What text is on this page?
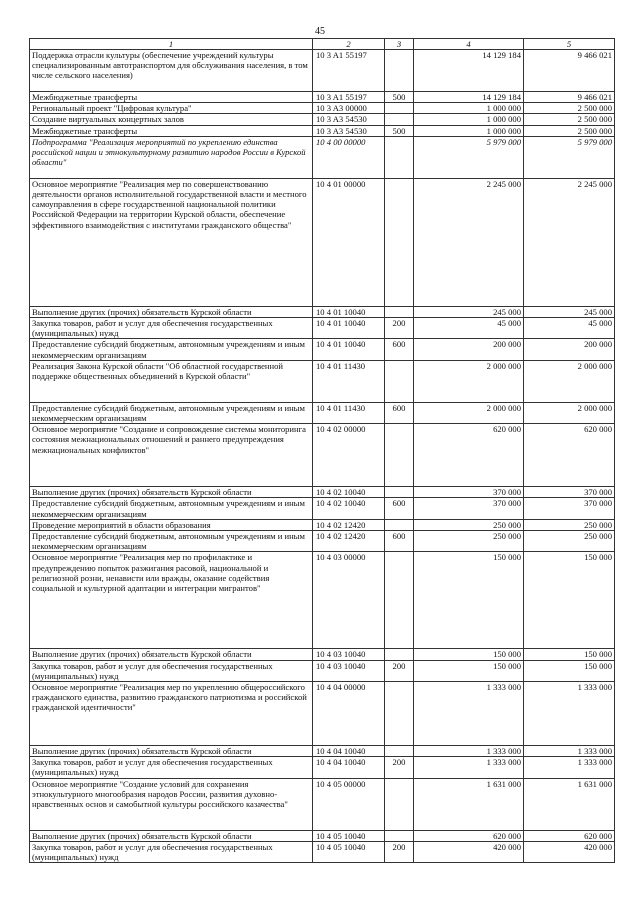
45
1	2	3	4	5
Поддержка отрасли культуры (обеспечение учреждений культуры специализированным автотранспортом для обслуживания населения, в том числе сельского населения)	10 3 A1 55197		14 129 184	9 466 021
Межбюджетные трансферты	10 3 A1 55197	500	14 129 184	9 466 021
Региональный проект "Цифровая культура"	10 3 A3 00000		1 000 000	2 500 000
Создание виртуальных концертных залов	10 3 A3 54530		1 000 000	2 500 000
Межбюджетные трансферты	10 3 A3 54530	500	1 000 000	2 500 000
Подпрограмма "Реализация мероприятий по укреплению единства российской нации и этнокультурному развитию народов России в Курской области"	10 4 00 00000		5 979 000	5 979 000
Основное мероприятие "Реализация мер по совершенствованию деятельности органов исполнительной государственной власти и местного самоуправления в сфере государственной национальной политики Российской Федерации на территории Курской области, обеспечение эффективного взаимодействия с институтами гражданского общества"	10 4 01 00000		2 245 000	2 245 000
Выполнение других (прочих) обязательств Курской области	10 4 01 10040		245 000	245 000
Закупка товаров, работ и услуг для обеспечения государственных (муниципальных) нужд	10 4 01 10040	200	45 000	45 000
Предоставление субсидий бюджетным, автономным учреждениям и иным некоммерческим организациям	10 4 01 10040	600	200 000	200 000
Реализация Закона Курской области "Об областной государственной поддержке общественных объединений в Курской области"	10 4 01 11430		2 000 000	2 000 000
Предоставление субсидий бюджетным, автономным учреждениям и иным некоммерческим организациям	10 4 01 11430	600	2 000 000	2 000 000
Основное мероприятие "Создание и сопровождение системы мониторинга состояния межнациональных отношений и раннего предупреждения межнациональных конфликтов"	10 4 02 00000		620 000	620 000
Выполнение других (прочих) обязательств Курской области	10 4 02 10040		370 000	370 000
Предоставление субсидий бюджетным, автономным учреждениям и иным некоммерческим организациям	10 4 02 10040	600	370 000	370 000
Проведение мероприятий в области образования	10 4 02 12420		250 000	250 000
Предоставление субсидий бюджетным, автономным учреждениям и иным некоммерческим организациям	10 4 02 12420	600	250 000	250 000
Основное мероприятие "Реализация мер по профилактике и предупреждению попыток разжигания расовой, национальной и религиозной розни, ненависти или вражды, оказание содействия социальной и культурной адаптации и интеграции мигрантов"	10 4 03 00000		150 000	150 000
Выполнение других (прочих) обязательств Курской области	10 4 03 10040		150 000	150 000
Закупка товаров, работ и услуг для обеспечения государственных (муниципальных) нужд	10 4 03 10040	200	150 000	150 000
Основное мероприятие "Реализация мер по укреплению общероссийского гражданского единства, развитию гражданского патриотизма и российской гражданской идентичности"	10 4 04 00000		1 333 000	1 333 000
Выполнение других (прочих) обязательств Курской области	10 4 04 10040		1 333 000	1 333 000
Закупка товаров, работ и услуг для обеспечения государственных (муниципальных) нужд	10 4 04 10040	200	1 333 000	1 333 000
Основное мероприятие "Создание условий для сохранения этнокультурного многообразия народов России, развития духовно-нравственных основ и самобытной культуры российского казачества"	10 4 05 00000		1 631 000	1 631 000
Выполнение других (прочих) обязательств Курской области	10 4 05 10040		620 000	620 000
Закупка товаров, работ и услуг для обеспечения государственных (муниципальных) нужд	10 4 05 10040	200	420 000	420 000
